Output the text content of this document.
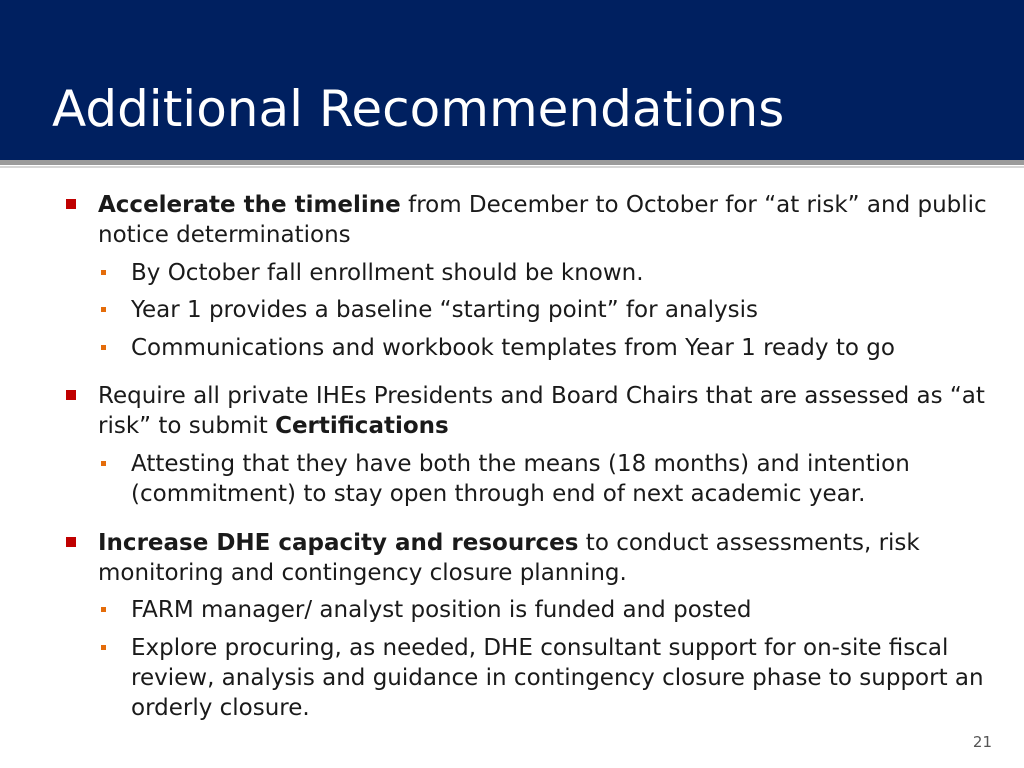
Additional Recommendations
Accelerate the timeline from December to October for “at risk” and public notice determinations
By October fall enrollment should be known.
Year 1 provides a baseline “starting point” for analysis
Communications and workbook templates from Year 1 ready to go
Require all private IHEs Presidents and Board Chairs that are assessed as “at risk” to submit Certifications
Attesting that they have both the means (18 months) and intention (commitment) to stay open through end of next academic year.
Increase DHE capacity and resources to conduct assessments, risk monitoring and contingency closure planning.
FARM manager/ analyst position is funded and posted
Explore procuring, as needed, DHE consultant support for on-site fiscal review, analysis and guidance in contingency closure phase to support an orderly closure.
21
